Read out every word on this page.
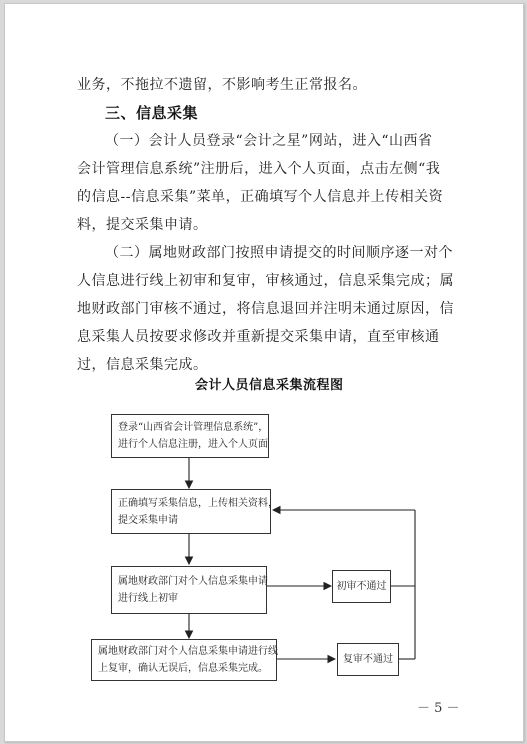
业务，不拖拉不遗留，不影响考生正常报名。
三、信息采集
（一）会计人员登录“会计之星”网站，进入“山西省
会计管理信息系统”注册后，进入个人页面，点击左侧“我
的信息--信息采集”菜单，正确填写个人信息并上传相关资
料，提交采集申请。
（二）属地财政部门按照申请提交的时间顺序逐一对个
人信息进行线上初审和复审，审核通过，信息采集完成；属
地财政部门审核不通过，将信息退回并注明未通过原因，信
息采集人员按要求修改并重新提交采集申请，直至审核通
过，信息采集完成。
会计人员信息采集流程图
登录“山西省会计管理信息系统”，
进行个人信息注册，进入个人页面
正确填写采集信息，上传相关资料，
提交采集申请
属地财政部门对个人信息采集申请
进行线上初审
属地财政部门对个人信息采集申请进行线
上复审，确认无误后，信息采集完成。
初审不通过
复审不通过
－ 5 －
